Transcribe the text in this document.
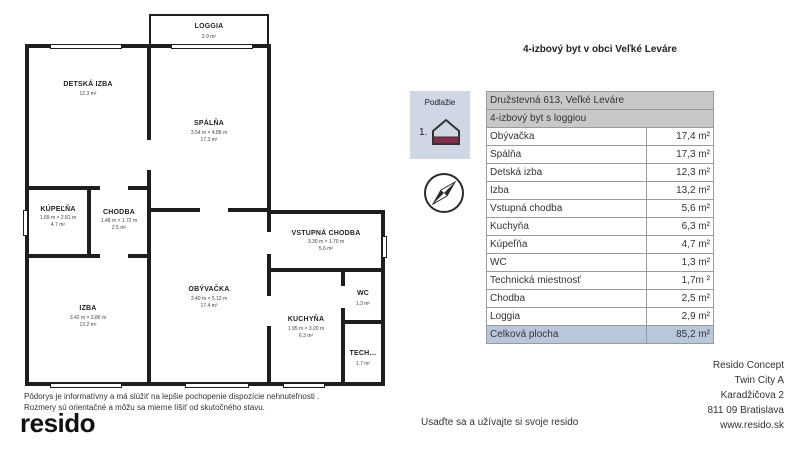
LOGGIA
2.9 m²
DETSKÁ IZBA
12.3 m²
SPÁLŇA
3.54 m × 4.88 m
17.3 m²
KÚPEĽŇA
1.69 m × 2.81 m
4.7 m²
CHODBA
1.48 m × 1.72 m
2.5 m²
VSTUPNÁ CHODBA
3.30 m × 1.70 m
5.6 m²
IZBA
3.42 m × 3.86 m
13.2 m²
OBÝVAČKA
3.40 m × 5.12 m
17.4 m²
WC
1.3 m²
KUCHYŇA
1.95 m × 3.20 m
6.3 m²
TECH…
1.7 m²
Pôdorys je informatívny a má slúžiť na lepšie pochopenie dispozície nehnuteľnosti .
Rozmery sú orientačné a môžu sa mierne líšiť od skutočného stavu.
resido
4-izbový byt v obci Veľké Leváre
Podlažie
1.
Družstevná 613, Veľké Leváre	
4-izbový byt s loggiou	
Obývačka	17,4 m²
Spálňa	17,3 m²
Detská izba	12,3 m²
Izba	13,2 m²
Vstupná chodba	5,6 m²
Kuchyňa	6,3 m²
Kúpeľňa	4,7 m²
WC	1,3 m²
Technická miestnosť	1,7m ²
Chodba	2,5 m²
Loggia	2,9 m²
Celková plocha	85,2 m²
Resido Concept
Twin City A
Karadžičova 2
811 09 Bratislava
www.resido.sk
Usaďte sa a užívajte si svoje resido
